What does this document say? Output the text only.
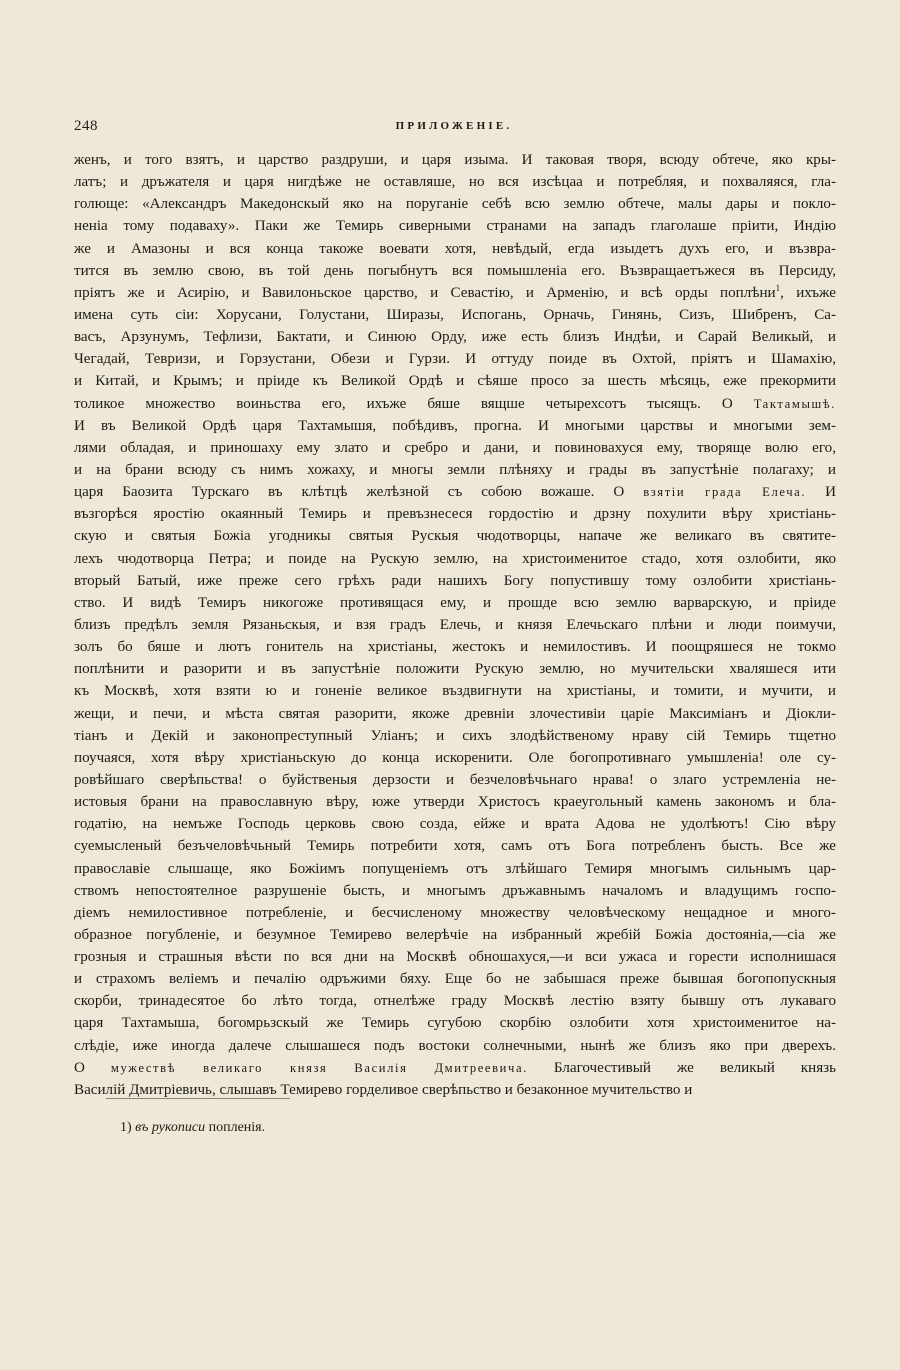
248	ПРИЛОЖЕНІЕ.
женъ, и того взятъ, и царство раздруши, и царя изыма. И таковая творя, всюду обтече, яко кры-
латъ; и дръжателя и царя нигдѣже не оставляше, но вся изсѣцаа и потребляя, и похваляяся, гла-
голюще: «Александръ Македонскый яко на поруганіе себѣ всю землю обтече, малы дары и покло-
неніа тому подаваху». Паки же Темирь сиверными странами на западъ глаголаше пріити, Индію
же и Амазоны и вся конца такоже воевати хотя, невѣдый, егда изыдетъ духъ его, и възвра-
тится въ землю свою, въ той день погыбнутъ вся помышленіа его. Възвращаетъжеся въ Персиду,
пріятъ же и Асирію, и Вавилоньское царство, и Севастію, и Арменію, и всѣ орды поплѣни$^1$, ихъже
имена суть сіи: Хорусани, Голустани, Ширазы, Испогань, Орначь, Гинянь, Сизъ, Шибренъ, Са-
васъ, Арзунумъ, Тефлизи, Бактати, и Синюю Орду, иже есть близъ Индѣи, и Сарай Великый, и
Чегадай, Тевризи, и Горзустани, Обези и Гурзи. И оттуду поиде въ Охтой, пріятъ и Шамахію,
и Китай, и Крымъ; и пріиде къ Великой Ордѣ и сѣяше просо за шесть мѣсяць, еже прекормити
толикое множество воиньства его, ихъже бяше вящше четырехсотъ тысящъ. О Тактамышѣ.
И въ Великой Ордѣ царя Тахтамышя, побѣдивъ, прогна. И многыми царствы и многыми зем-
лями обладая, и приношаху ему злато и сребро и дани, и повиновахуся ему, творяще волю его,
и на брани всюду съ нимъ хожаху, и многы земли плѣняху и грады въ запустѣніе полагаху; и
царя Баозита Турскаго въ клѣтцѣ желѣзной съ собою вожаше. О взятіи града Елеча. И
възгорѣся яростію окаянный Темирь и превъзнесеся гордостію и дрзну похулити вѣру христіань-
скую и святыя Божіа угодникы святыя Рускыя чюдотворцы, напаче же великаго въ святите-
лехъ чюдотворца Петра; и поиде на Рускую землю, на христоименитое стадо, хотя озлобити, яко
вторый Батый, иже преже сего грѣхъ ради нашихъ Богу попустившу тому озлобити христіань-
ство. И видѣ Темиръ никогоже противящася ему, и прошде всю землю варварскую, и пріиде
близъ предѣлъ земля Рязаньскыя, и взя градъ Елечь, и князя Елечьскаго плѣни и люди поимучи,
золъ бо бяше и лютъ гонитель на христіаны, жестокъ и немилостивъ. И поощряшеся не токмо
поплѣнити и разорити и въ запустѣніе положити Рускую землю, но мучительски хваляшеся ити
къ Москвѣ, хотя взяти ю и гоненіе великое въздвигнути на христіаны, и томити, и мучити, и
жещи, и печи, и мѣста святая разорити, якоже древніи злочестивіи царіе Максиміанъ и Діокли-
тіанъ и Декій и законопреступный Уліанъ; и сихъ злодѣйственому нраву сій Темирь тщетно
поучаяся, хотя вѣру христіаньскую до конца искоренити. Оле богопротивнаго умышленіа! оле су-
ровѣйшаго сверѣпьства! о буйственыя дерзости и безчеловѣчьнаго нрава! о злаго устремленіа не-
истовыя брани на православную вѣру, юже утверди Христосъ краеугольный камень закономъ и бла-
годатію, на немъже Господь церковь свою созда, ейже и врата Адова не удолѣютъ! Сію вѣру
суемысленый безъчеловѣчьный Темирь потребити хотя, самъ отъ Бога потребленъ бысть. Все же
православіе слышаще, яко Божіимъ попущеніемъ отъ злѣйшаго Темиря многымъ сильнымъ цар-
ствомъ непостоятелное разрушеніе бысть, и многымъ дръжавнымъ началомъ и владущимъ госпо-
діемъ немилостивное потребленіе, и бесчисленому множеству человѣческому нещадное и много-
образное погубленіе, и безумное Темирево велерѣчіе на избранный жребій Божіа достояніа,—сіа же
грозныя и страшныя вѣсти по вся дни на Москвѣ обношахуся,—и вси ужаса и горести исполнишася
и страхомъ веліемъ и печалію одръжими бяху. Еще бо не забышася преже бывшая богопопускныя
скорби, тринадесятое бо лѣто тогда, отнелѣже граду Москвѣ лестію взяту бывшу отъ лукаваго
царя Тахтамыша, богомрьзскый же Темирь сугубою скорбію озлобити хотя христоименитое на-
слѣдіе, иже иногда далече слышашеся подъ востоки солнечными, нынѣ же близъ яко при дверехъ.
О мужествѣ великаго князя Василія Дмитреевича. Благочестивый же великый князь
Василій Дмитріевичь, слышавъ Темирево горделивое сверѣпьство и безаконное мучительство и
1) въ рукописи попленія.
